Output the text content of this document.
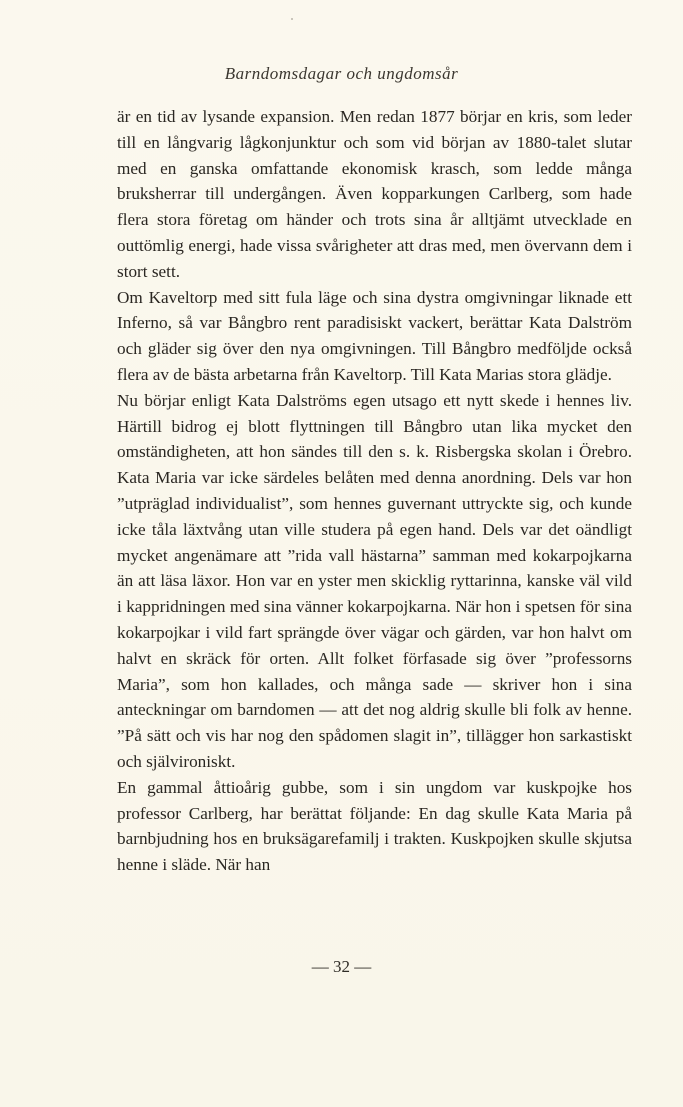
Barndomsdagar och ungdomsår

är en tid av lysande expansion. Men redan 1877 börjar en kris, som leder till en långvarig lågkonjunktur och som vid början av 1880-talet slutar med en ganska omfattande ekonomisk krasch, som ledde många bruksherrar till undergången. Även kopparkungen Carlberg, som hade flera stora företag om händer och trots sina år alltjämt utvecklade en outtömlig energi, hade vissa svårigheter att dras med, men övervann dem i stort sett.

Om Kaveltorp med sitt fula läge och sina dystra omgivningar liknade ett Inferno, så var Bångbro rent paradisiskt vackert, berättar Kata Dalström och gläder sig över den nya omgivningen. Till Bångbro medföljde också flera av de bästa arbetarna från Kaveltorp. Till Kata Marias stora glädje.

Nu börjar enligt Kata Dalströms egen utsago ett nytt skede i hennes liv. Härtill bidrog ej blott flyttningen till Bångbro utan lika mycket den omständigheten, att hon sändes till den s. k. Risbergska skolan i Örebro. Kata Maria var icke särdeles belåten med denna anordning. Dels var hon ”utpräglad individualist”, som hennes guvernant uttryckte sig, och kunde icke tåla läxtvång utan ville studera på egen hand. Dels var det oändligt mycket angenämare att ”rida vall hästarna” samman med kokarpojkarna än att läsa läxor. Hon var en yster men skicklig ryttarinna, kanske väl vild i kappridningen med sina vänner kokarpojkarna. När hon i spetsen för sina kokarpojkar i vild fart sprängde över vägar och gärden, var hon halvt om halvt en skräck för orten. Allt folket förfasade sig över ”professorns Maria”, som hon kallades, och många sade — skriver hon i sina anteckningar om barndomen — att det nog aldrig skulle bli folk av henne. ”På sätt och vis har nog den spådomen slagit in”, tillägger hon sarkastiskt och självironiskt.

En gammal åttioårig gubbe, som i sin ungdom var kuskpojke hos professor Carlberg, har berättat följande: En dag skulle Kata Maria på barnbjudning hos en bruksägarefamilj i trakten. Kuskpojken skulle skjutsa henne i släde. När han

— 32 —
